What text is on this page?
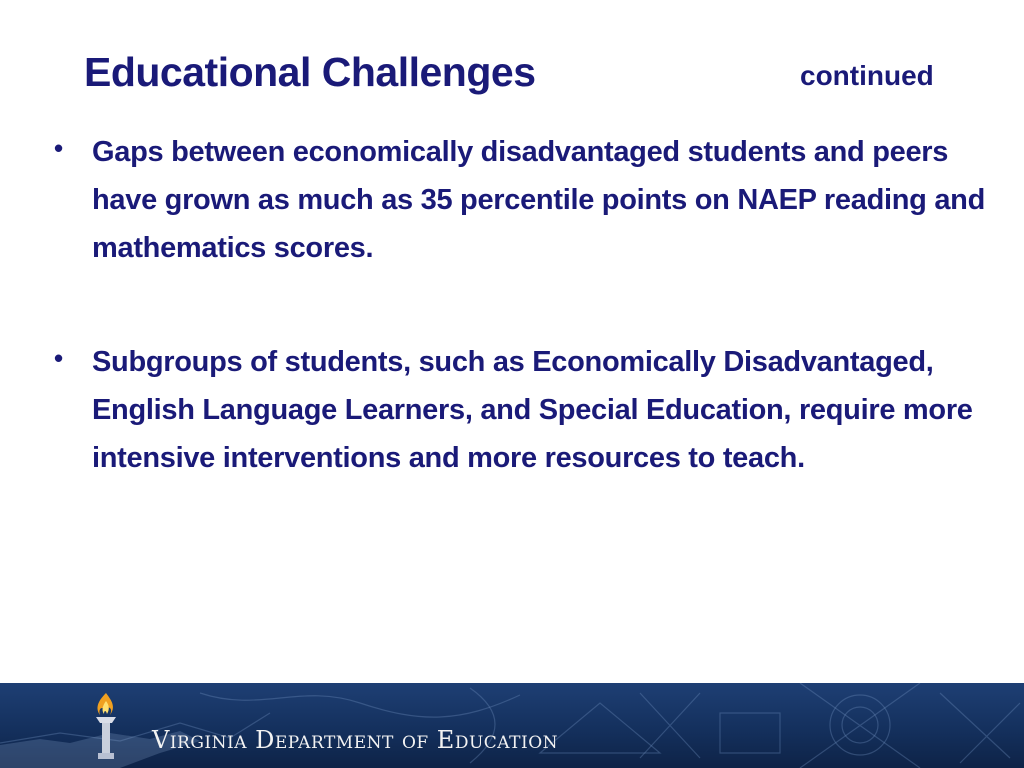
Educational Challenges	continued
•	Gaps between economically disadvantaged students and peers have grown as much as 35 percentile points on NAEP reading and mathematics scores.
•	Subgroups of students, such as Economically Disadvantaged, English Language Learners, and Special Education, require more intensive interventions and more resources to teach.
Virginia Department of Education
